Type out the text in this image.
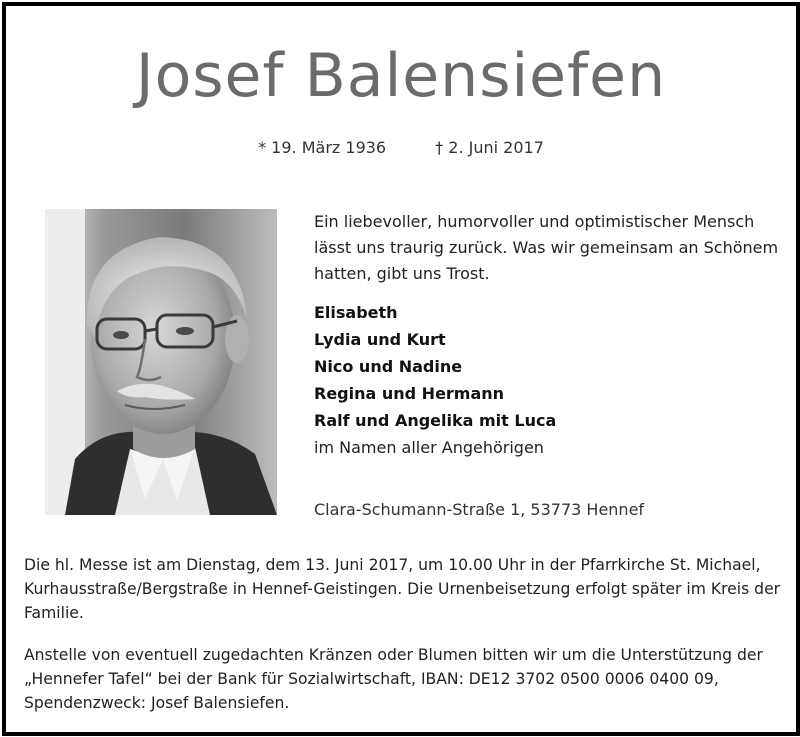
Josef Balensiefen
* 19. März 1936	† 2. Juni 2017

Ein liebevoller, humorvoller und optimistischer Mensch lässt uns traurig zurück. Was wir gemeinsam an Schönem hatten, gibt uns Trost.

Elisabeth
Lydia und Kurt
Nico und Nadine
Regina und Hermann
Ralf und Angelika mit Luca
im Namen aller Angehörigen
Clara-Schumann-Straße 1, 53773 Hennef

Die hl. Messe ist am Dienstag, dem 13. Juni 2017, um 10.00 Uhr in der Pfarrkirche St. Michael, Kurhausstraße/Bergstraße in Hennef-Geistingen. Die Urnenbeisetzung erfolgt später im Kreis der Familie.

Anstelle von eventuell zugedachten Kränzen oder Blumen bitten wir um die Unterstützung der „Hennefer Tafel“ bei der Bank für Sozialwirtschaft, IBAN: DE12 3702 0500 0006 0400 09, Spendenzweck: Josef Balensiefen.
